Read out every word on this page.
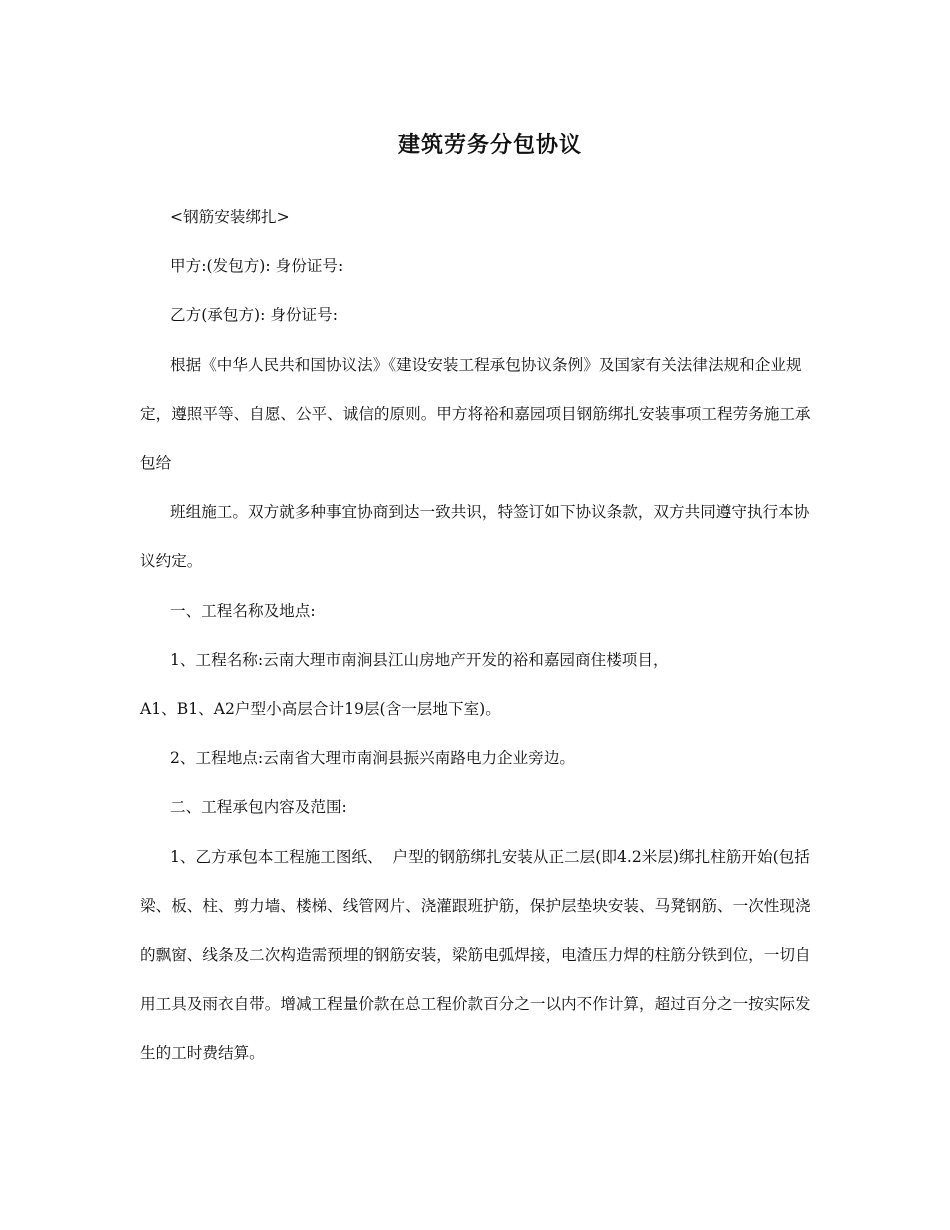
建筑劳务分包协议

<钢筋安装绑扎>

甲方:(发包方): 身份证号:

乙方(承包方): 身份证号:

根据《中华人民共和国协议法》《建设安装工程承包协议条例》及国家有关法律法规和企业规定，遵照平等、自愿、公平、诚信的原则。甲方将裕和嘉园项目钢筋绑扎安装事项工程劳务施工承包给

班组施工。双方就多种事宜协商到达一致共识，特签订如下协议条款，双方共同遵守执行本协议约定。

一、工程名称及地点:

1、工程名称:云南大理市南涧县江山房地产开发的裕和嘉园商住楼项目，

A1、B1、A2户型小高层合计19层(含一层地下室)。

2、工程地点:云南省大理市南涧县振兴南路电力企业旁边。

二、工程承包内容及范围:

1、乙方承包本工程施工图纸、  户型的钢筋绑扎安装从正二层(即4.2米层)绑扎柱筋开始(包括梁、板、柱、剪力墙、楼梯、线管网片、浇灌跟班护筋，保护层垫块安装、马凳钢筋、一次性现浇的飘窗、线条及二次构造需预埋的钢筋安装，梁筋电弧焊接，电渣压力焊的柱筋分铁到位，一切自用工具及雨衣自带。增减工程量价款在总工程价款百分之一以内不作计算，超过百分之一按实际发生的工时费结算。
